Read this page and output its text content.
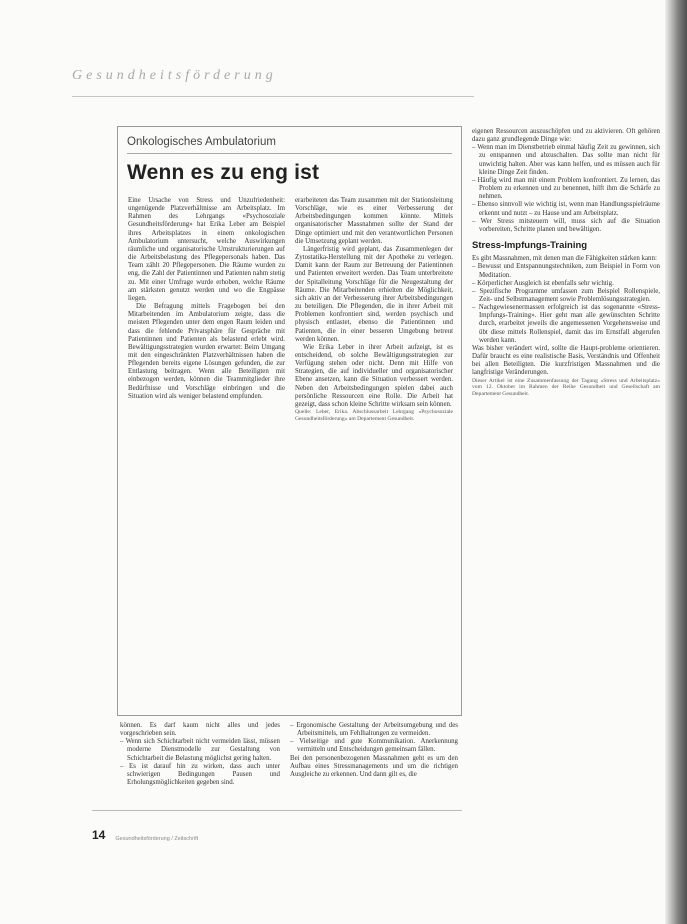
Gesundheitsförderung
Onkologisches Ambulatorium
Wenn es zu eng ist

Eine Ursache von Stress und Unzufriedenheit: ungenügende Platzverhältnisse am Arbeitsplatz. Im Rahmen des Lehrgangs «Psychosoziale Gesundheitsförderung» hat Erika Leber am Beispiel ihres Arbeitsplatzes in einem onkologischen Ambulatorium untersucht, welche Auswirkungen räumliche und organisatorische Umstrukturierungen auf die Arbeitsbelastung des Pflegepersonals haben. Das Team zählt 20 Pflegepersonen. Die Räume wurden zu eng, die Zahl der Patientinnen und Patienten nahm stetig zu. Mit einer Umfrage wurde erhoben, welche Räume am stärksten genutzt werden und wo die Engpässe liegen.

Die Befragung mittels Fragebogen bei den Mitarbeitenden im Ambulatorium zeigte, dass die meisten Pflegenden unter dem engen Raum leiden und dass die fehlende Privatsphäre für Gespräche mit Patientinnen und Patienten als belastend erlebt wird. Bewältigungsstrategien wurden erwartet: Beim Umgang mit den eingeschränkten Platzverhältnissen haben die Pflegenden bereits eigene Lösungen gefunden, die zur Entlastung beitragen. Wenn alle Beteiligten mit einbezogen werden, können die Teammitglieder ihre Bedürfnisse und Vorschläge einbringen und die Situation wird als weniger belastend empfunden.

erarbeiteten das Team zusammen mit der Stationsleitung Vorschläge, wie es einer Verbesserung der Arbeitsbedingungen kommen könnte. Mittels organisatorischer Massnahmen sollte der Stand der Dinge optimiert und mit den verantwortlichen Personen die Umsetzung geplant werden.

Längerfristig wird geplant, das Zusammenlegen der Zytostatika-Herstellung mit der Apotheke zu verlegen. Damit kann der Raum zur Betreuung der Patientinnen und Patienten erweitert werden. Das Team unterbreitete der Spitalleitung Vorschläge für die Neugestaltung der Räume. Die Mitarbeitenden erhielten die Möglichkeit, sich aktiv an der Verbesserung ihrer Arbeitsbedingungen zu beteiligen. Die Pflegenden, die in ihrer Arbeit mit Problemen konfrontiert sind, werden psychisch und physisch entlastet, ebenso die Patientinnen und Patienten, die in einer besseren Umgebung betreut werden können.

Wie Erika Leber in ihrer Arbeit aufzeigt, ist es entscheidend, ob solche Bewältigungsstrategien zur Verfügung stehen oder nicht. Denn mit Hilfe von Strategien, die auf individueller und organisatorischer Ebene ansetzen, kann die Situation verbessert werden. Neben den Arbeitsbedingungen spielen dabei auch persönliche Ressourcen eine Rolle. Die Arbeit hat gezeigt, dass schon kleine Schritte wirksam sein können.

Quelle: Leber, Erika. Abschlussarbeit Lehrgang «Psychosoziale Gesundheitsförderung» am Departement Gesundheit.

können. Es darf kaum nicht alles und jedes vorgeschrieben sein.

– Wenn sich Schichtarbeit nicht vermeiden lässt, müssen moderne Dienstmodelle zur Gestaltung von Schichtarbeit die Belastung möglichst gering halten.

– Es ist darauf hin zu wirken, dass auch unter schwierigen Bedingungen Pausen und Erholungsmöglichkeiten gegeben sind.

– Ergonomische Gestaltung der Arbeitsumgebung und des Arbeitsmittels, um Fehlhaltungen zu vermeiden.

– Vielseitige und gute Kommunikation. Anerkennung vermitteln und Entscheidungen gemeinsam fällen.

Bei den personenbezogenen Massnahmen geht es um den Aufbau eines Stressmanagements und um die richtigen Ausgleiche zu erkennen. Und dann gilt es, die

eigenen Ressourcen auszuschöpfen und zu aktivieren. Oft gehören dazu ganz grundlegende Dinge wie:

– Wenn man im Dienstbetrieb einmal häufig Zeit zu gewinnen, sich zu entspannen und abzuschalten. Das sollte man nicht für unwichtig halten. Aber was kann helfen, und es müssen auch für kleine Dinge Zeit finden.

– Häufig wird man mit einem Problem konfrontiert. Zu lernen, das Problem zu erkennen und zu benennen, hilft ihm die Schärfe zu nehmen.

– Ebenso sinnvoll wie wichtig ist, wenn man Handlungsspielräume erkennt und nutzt – zu Hause und am Arbeitsplatz.

– Wer Stress mitsteuern will, muss sich auf die Situation vorbereiten, Schritte planen und bewältigen.

Stress-Impfungs-Training

Es gibt Massnahmen, mit denen man die Fähigkeiten stärken kann:

– Bewusst und Entspannungstechniken, zum Beispiel in Form von Meditation.

– Körperlicher Ausgleich ist ebenfalls sehr wichtig.

– Spezifische Programme umfassen zum Beispiel Rollenspiele, Zeit- und Selbstmanagement sowie Problemlösungsstrategien.

– Nachgewiesenermassen erfolgreich ist das sogenannte «Stress-Impfungs-Training». Hier geht man alle gewünschten Schritte durch, erarbeitet jeweils die angemessenen Vorgehensweise und übt diese mittels Rollenspiel, damit das im Ernstfall abgerufen werden kann.

Was bisher verändert wird, sollte die Haupt-probleme orientieren. Dafür braucht es eine realistische Basis, Verständnis und Offenheit bei allen Beteiligten. Die kurzfristigen Massnahmen und die langfristige Veränderungen.

Dieser Artikel ist eine Zusammenfassung der Tagung «Stress und Arbeitsplatz» vom 12. Oktober im Rahmen der Reihe Gesundheit und Gesellschaft am Departement Gesundheit.

14 Gesundheitsförderung / Zeitschrift
